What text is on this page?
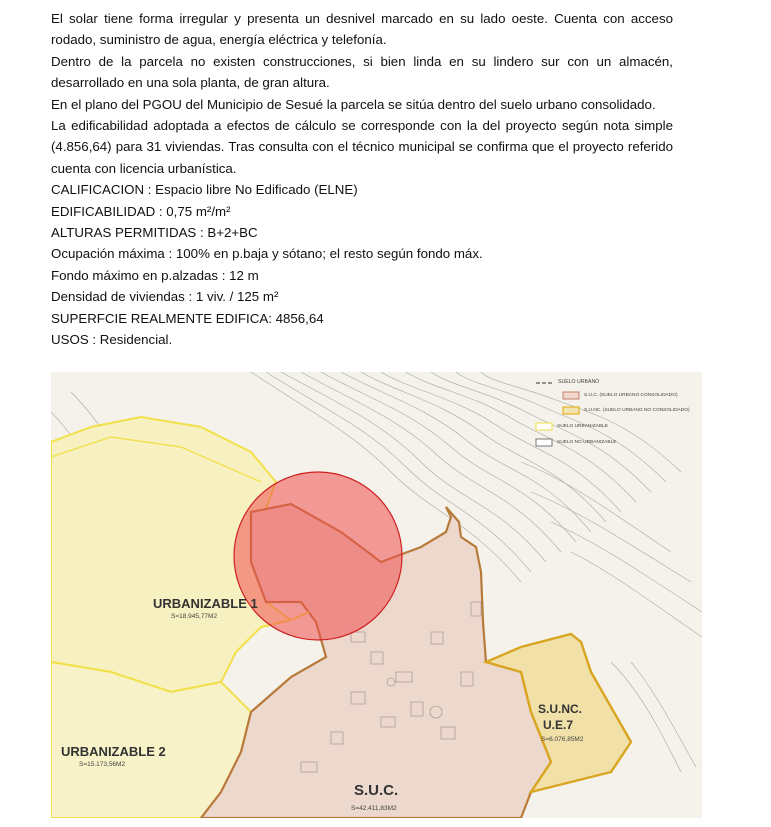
El solar tiene forma irregular y presenta un desnivel marcado en su lado oeste. Cuenta con acceso rodado, suministro de agua, energía eléctrica y telefonía.

Dentro de la parcela no existen construcciones, si bien linda en su lindero sur con un almacén, desarrollado en una sola planta, de gran altura.

En el plano del PGOU del Municipio de Sesué la parcela se sitúa dentro del suelo urbano consolidado.

La edificabilidad adoptada a efectos de cálculo se corresponde con la del proyecto según nota simple (4.856,64) para 31 viviendas. Tras consulta con el técnico municipal se confirma que el proyecto referido cuenta con licencia urbanística.

CALIFICACION : Espacio libre No Edificado (ELNE)

EDIFICABILIDAD : 0,75 m²/m²

ALTURAS PERMITIDAS : B+2+BC

Ocupación máxima : 100% en p.baja y sótano; el resto según fondo máx.

Fondo máximo en p.alzadas : 12 m

Densidad de viviendas : 1 viv. / 125 m²

SUPERFCIE REALMENTE EDIFICA: 4856,64

USOS : Residencial.

SUELO URBANO
S.U.C. (SUELO URBANO CONSOLIDADO)
S.U.NC. (SUELO URBANO NO CONSOLIDADO)
SUELO URBANIZABLE
SUELO NO URBANIZABLE
URBANIZABLE 1
S=18.945,77M2
URBANIZABLE 2
S=15.173,56M2
S.U.NC.
U.E.7
S=6.076,85M2
S.U.C.
S=42.411,83M2
